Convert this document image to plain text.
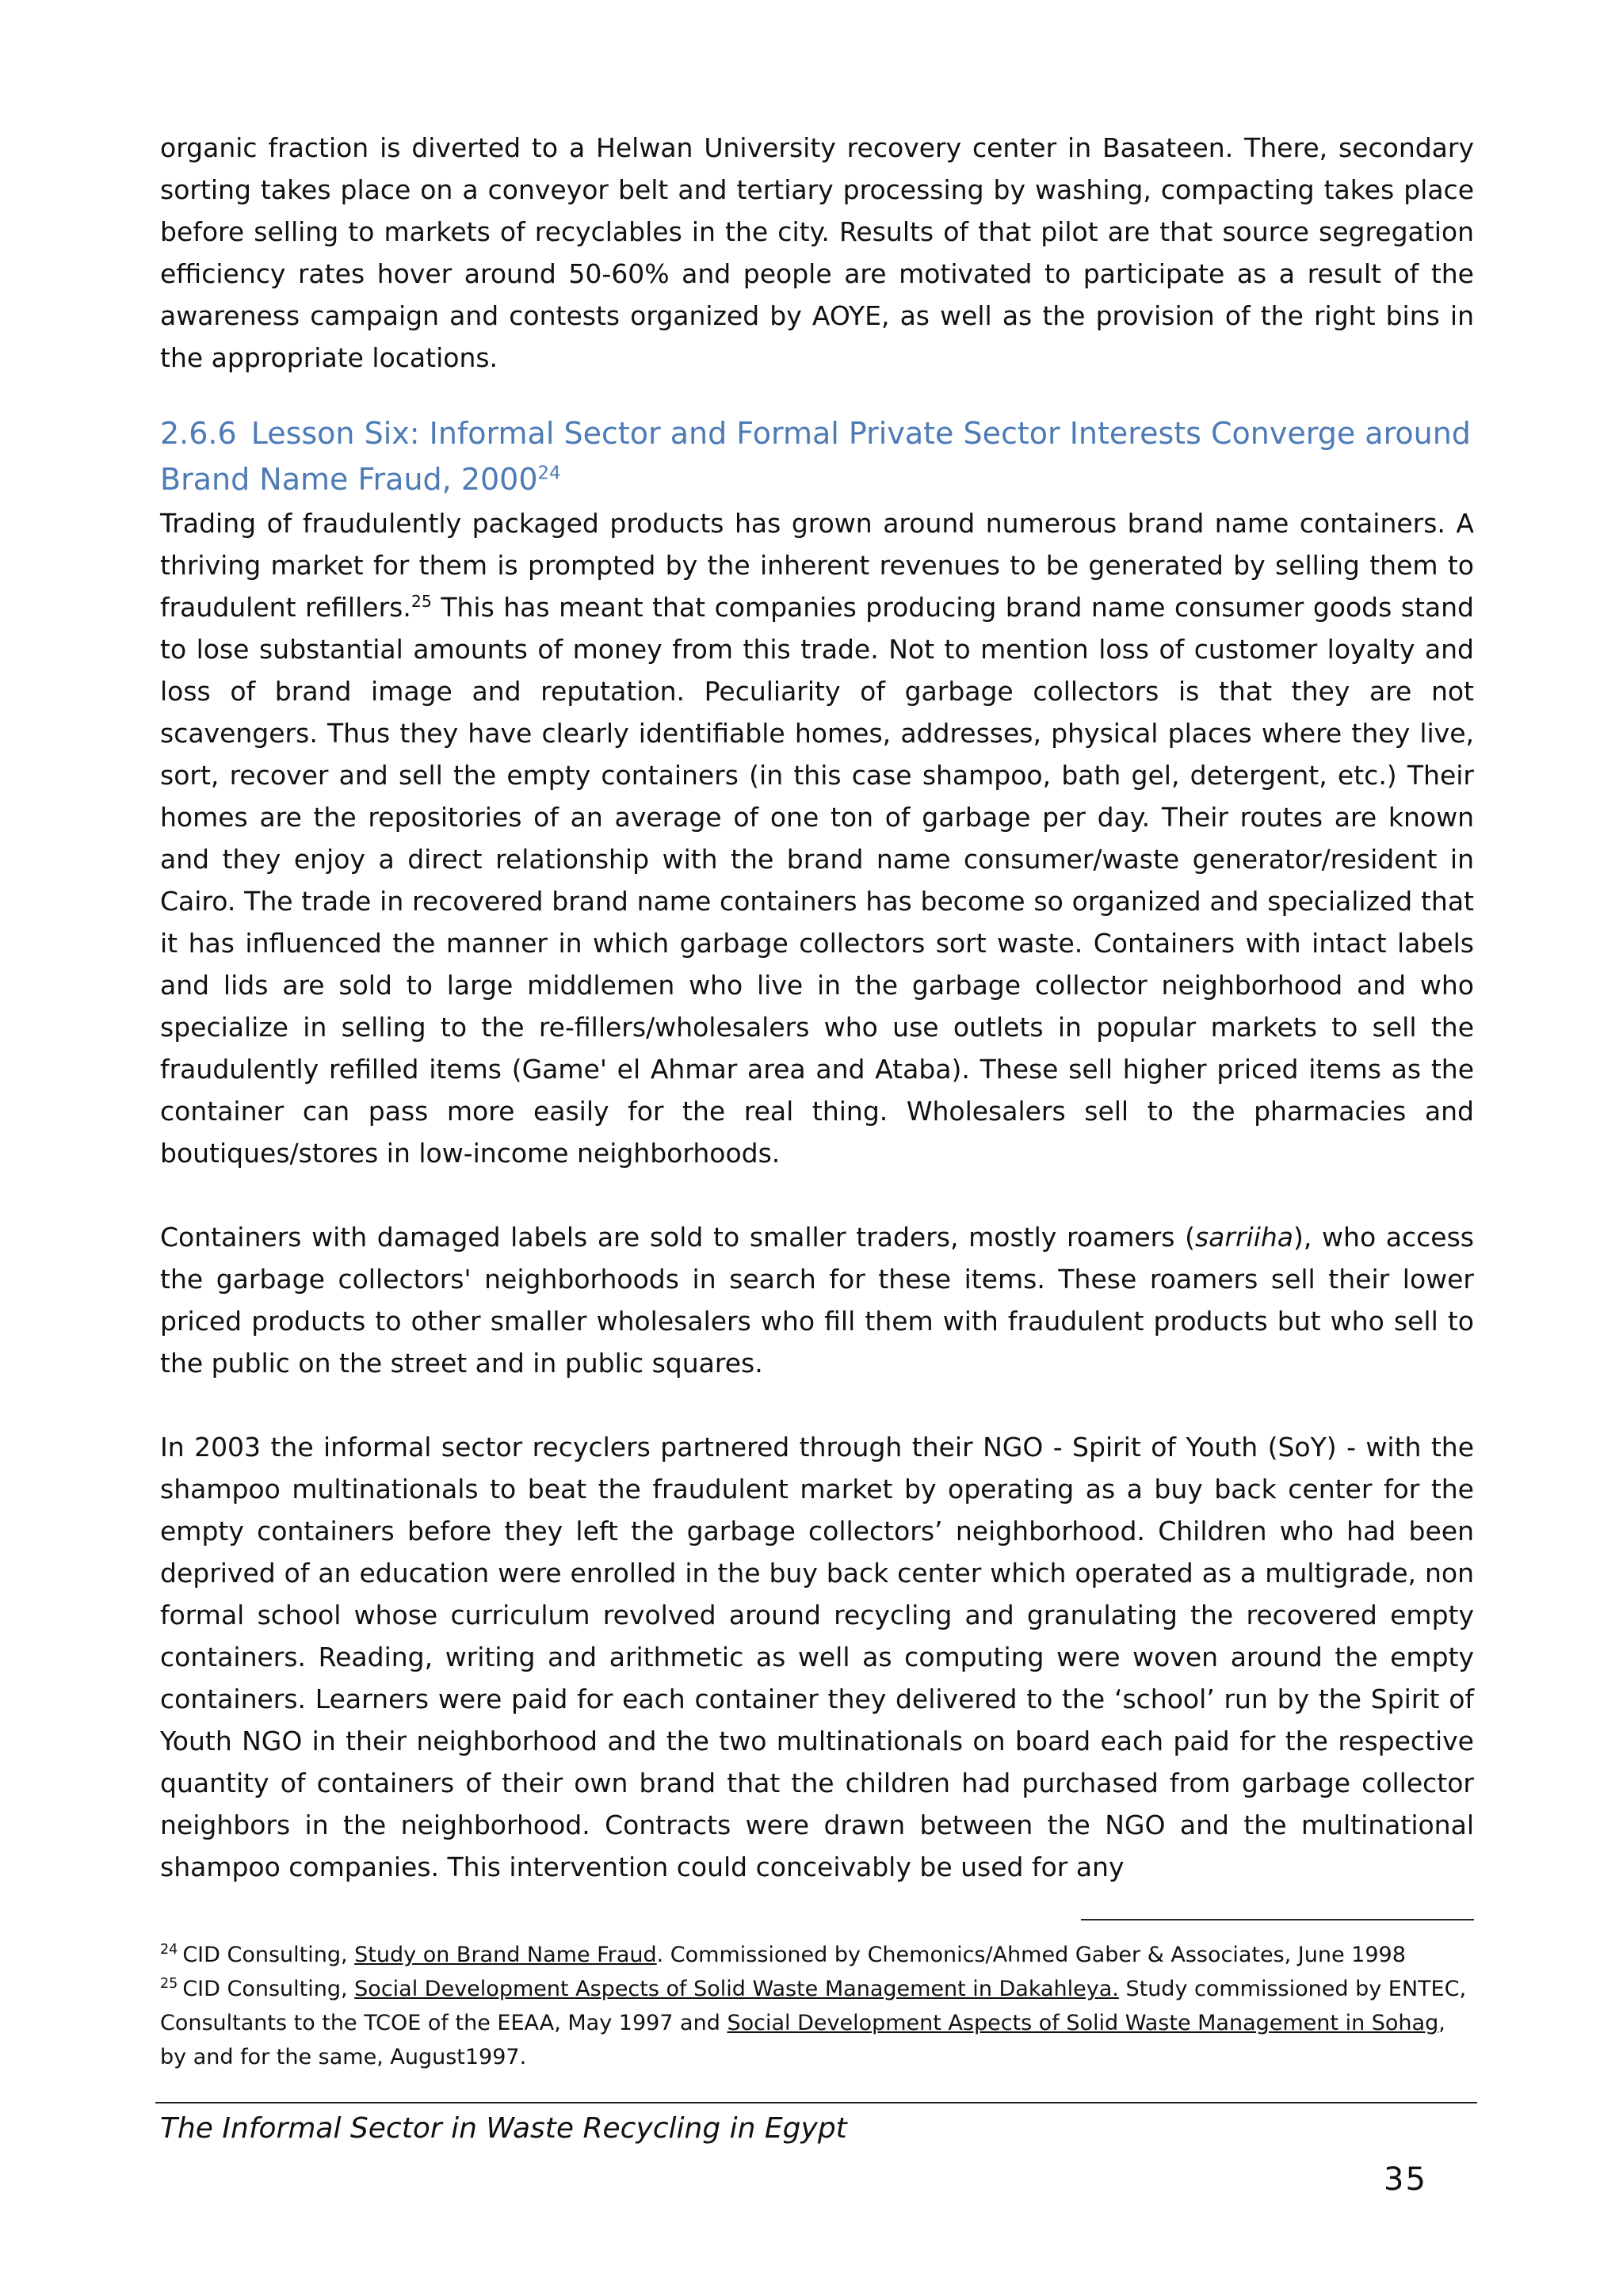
organic fraction is diverted to a Helwan University recovery center in Basateen. There, secondary sorting takes place on a conveyor belt and tertiary processing by washing, compacting takes place before selling to markets of recyclables in the city. Results of that pilot are that source segregation efficiency rates hover around 50-60% and people are motivated to participate as a result of the awareness campaign and contests organized by AOYE, as well as the provision of the right bins in the appropriate locations.

2.6.6 Lesson Six: Informal Sector and Formal Private Sector Interests Converge around Brand Name Fraud, 2000$^{24}$

Trading of fraudulently packaged products has grown around numerous brand name containers. A thriving market for them is prompted by the inherent revenues to be generated by selling them to fraudulent refillers.$^{25}$ This has meant that companies producing brand name consumer goods stand to lose substantial amounts of money from this trade. Not to mention loss of customer loyalty and loss of brand image and reputation. Peculiarity of garbage collectors is that they are not scavengers. Thus they have clearly identifiable homes, addresses, physical places where they live, sort, recover and sell the empty containers (in this case shampoo, bath gel, detergent, etc.) Their homes are the repositories of an average of one ton of garbage per day. Their routes are known and they enjoy a direct relationship with the brand name consumer/waste generator/resident in Cairo. The trade in recovered brand name containers has become so organized and specialized that it has influenced the manner in which garbage collectors sort waste. Containers with intact labels and lids are sold to large middlemen who live in the garbage collector neighborhood and who specialize in selling to the re-fillers/wholesalers who use outlets in popular markets to sell the fraudulently refilled items (Game' el Ahmar area and Ataba). These sell higher priced items as the container can pass more easily for the real thing. Wholesalers sell to the pharmacies and boutiques/stores in low-income neighborhoods.

Containers with damaged labels are sold to smaller traders, mostly roamers (sarriiha), who access the garbage collectors' neighborhoods in search for these items. These roamers sell their lower priced products to other smaller wholesalers who fill them with fraudulent products but who sell to the public on the street and in public squares.

In 2003 the informal sector recyclers partnered through their NGO - Spirit of Youth (SoY) - with the shampoo multinationals to beat the fraudulent market by operating as a buy back center for the empty containers before they left the garbage collectors’ neighborhood. Children who had been deprived of an education were enrolled in the buy back center which operated as a multigrade, non formal school whose curriculum revolved around recycling and granulating the recovered empty containers. Reading, writing and arithmetic as well as computing were woven around the empty containers. Learners were paid for each container they delivered to the ‘school’ run by the Spirit of Youth NGO in their neighborhood and the two multinationals on board each paid for the respective quantity of containers of their own brand that the children had purchased from garbage collector neighbors in the neighborhood. Contracts were drawn between the NGO and the multinational shampoo companies. This intervention could conceivably be used for any

$^{24}$ CID Consulting, Study on Brand Name Fraud. Commissioned by Chemonics/Ahmed Gaber & Associates, June 1998

$^{25}$ CID Consulting, Social Development Aspects of Solid Waste Management in Dakahleya. Study commissioned by ENTEC, Consultants to the TCOE of the EEAA, May 1997 and Social Development Aspects of Solid Waste Management in Sohag, by and for the same, August1997.

The Informal Sector in Waste Recycling in Egypt
35
